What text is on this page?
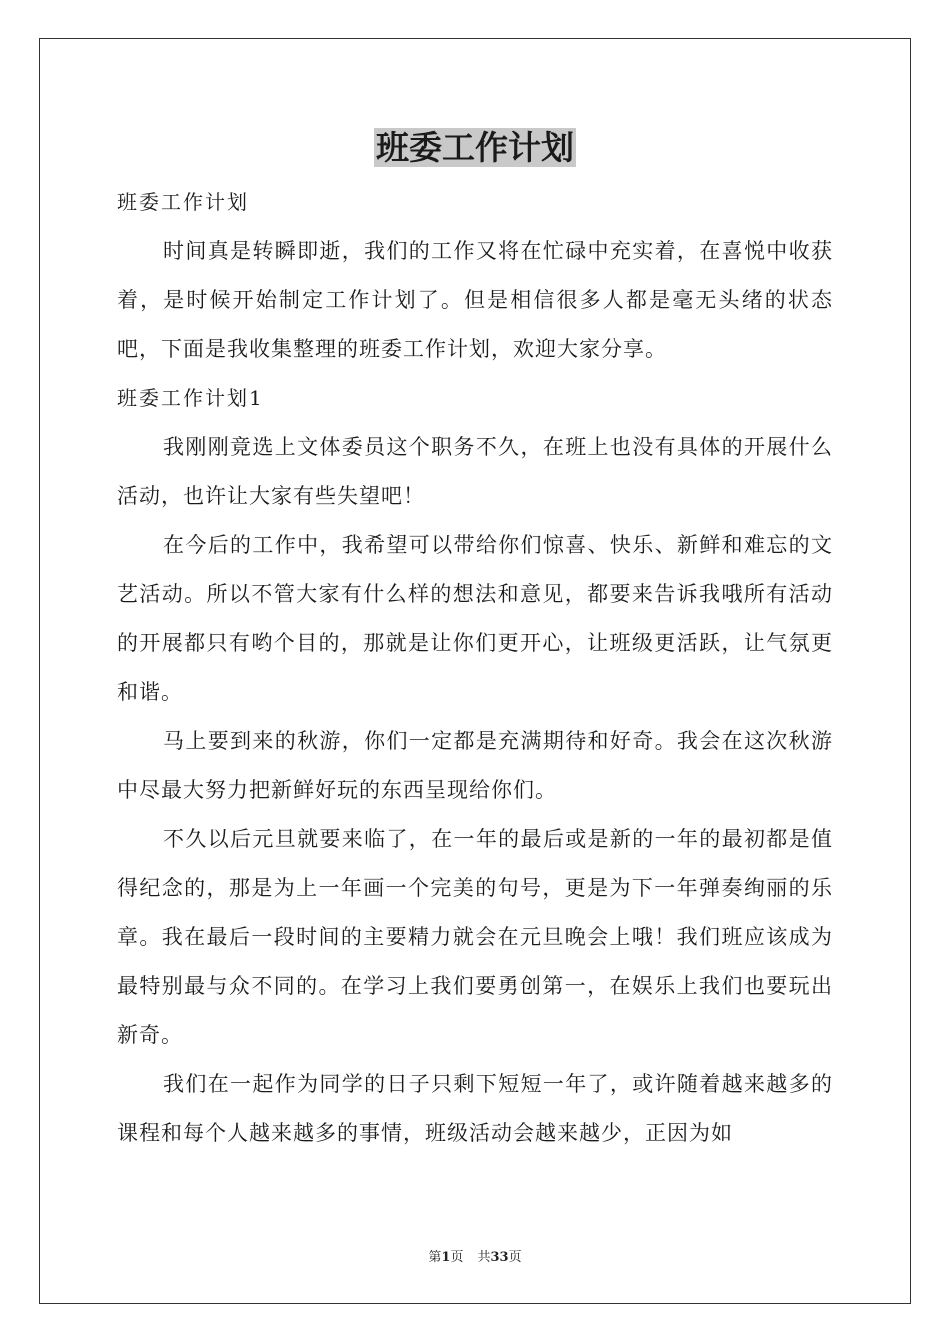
班委工作计划

班委工作计划

时间真是转瞬即逝，我们的工作又将在忙碌中充实着，在喜悦中收获着，是时候开始制定工作计划了。但是相信很多人都是毫无头绪的状态吧，下面是我收集整理的班委工作计划，欢迎大家分享。

班委工作计划1

我刚刚竟选上文体委员这个职务不久，在班上也没有具体的开展什么活动，也许让大家有些失望吧！

在今后的工作中，我希望可以带给你们惊喜、快乐、新鲜和难忘的文艺活动。所以不管大家有什么样的想法和意见，都要来告诉我哦所有活动的开展都只有哟个目的，那就是让你们更开心，让班级更活跃，让气氛更和谐。

马上要到来的秋游，你们一定都是充满期待和好奇。我会在这次秋游中尽最大努力把新鲜好玩的东西呈现给你们。

不久以后元旦就要来临了，在一年的最后或是新的一年的最初都是值得纪念的，那是为上一年画一个完美的句号，更是为下一年弹奏绚丽的乐章。我在最后一段时间的主要精力就会在元旦晚会上哦！我们班应该成为最特别最与众不同的。在学习上我们要勇创第一，在娱乐上我们也要玩出新奇。

我们在一起作为同学的日子只剩下短短一年了，或许随着越来越多的课程和每个人越来越多的事情，班级活动会越来越少，正因为如

第1页 共33页
